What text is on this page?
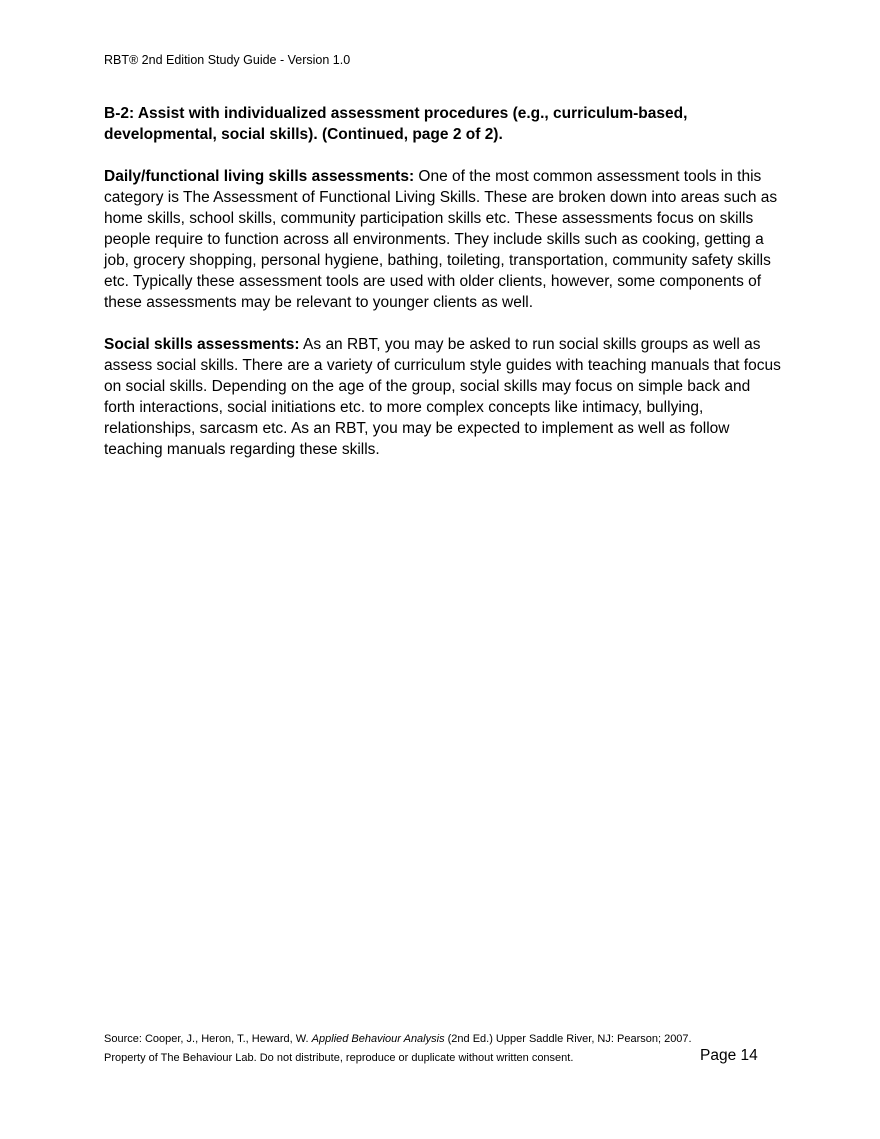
RBT® 2nd Edition Study Guide - Version 1.0

B-2: Assist with individualized assessment procedures (e.g., curriculum-based, developmental, social skills). (Continued, page 2 of 2).

Daily/functional living skills assessments: One of the most common assessment tools in this category is The Assessment of Functional Living Skills. These are broken down into areas such as home skills, school skills, community participation skills etc. These assessments focus on skills people require to function across all environments. They include skills such as cooking, getting a job, grocery shopping, personal hygiene, bathing, toileting, transportation, community safety skills etc. Typically these assessment tools are used with older clients, however, some components of these assessments may be relevant to younger clients as well.

Social skills assessments: As an RBT, you may be asked to run social skills groups as well as assess social skills. There are a variety of curriculum style guides with teaching manuals that focus on social skills. Depending on the age of the group, social skills may focus on simple back and forth interactions, social initiations etc. to more complex concepts like intimacy, bullying, relationships, sarcasm etc. As an RBT, you may be expected to implement as well as follow teaching manuals regarding these skills.

Source: Cooper, J., Heron, T., Heward, W. Applied Behaviour Analysis (2nd Ed.) Upper Saddle River, NJ: Pearson; 2007.
Property of The Behaviour Lab. Do not distribute, reproduce or duplicate without written consent.	Page 14
